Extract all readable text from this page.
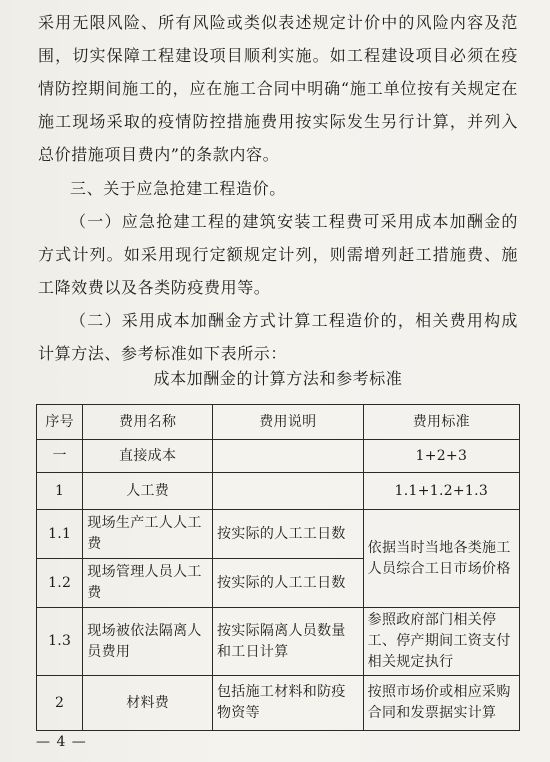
采用无限风险、所有风险或类似表述规定计价中的风险内容及范围，切实保障工程建设项目顺利实施。如工程建设项目必须在疫情防控期间施工的，应在施工合同中明确“施工单位按有关规定在施工现场采取的疫情防控措施费用按实际发生另行计算，并列入总价措施项目费内”的条款内容。

三、关于应急抢建工程造价。

（一）应急抢建工程的建筑安装工程费可采用成本加酬金的方式计列。如采用现行定额规定计列，则需增列赶工措施费、施工降效费以及各类防疫费用等。

（二）采用成本加酬金方式计算工程造价的，相关费用构成计算方法、参考标准如下表所示：

成本加酬金的计算方法和参考标准

序号	费用名称	费用说明	费用标准
一	直接成本		1+2+3
1	人工费		1.1+1.2+1.3
1.1	现场生产工人人工费	按实际的人工工日数	依据当时当地各类施工人员综合工日市场价格
1.2	现场管理人员人工费	按实际的人工工日数	
1.3	现场被依法隔离人员费用	按实际隔离人员数量和工日计算	参照政府部门相关停工、停产期间工资支付相关规定执行
2	材料费	包括施工材料和防疫物资等	按照市场价或相应采购合同和发票据实计算

— 4 —
